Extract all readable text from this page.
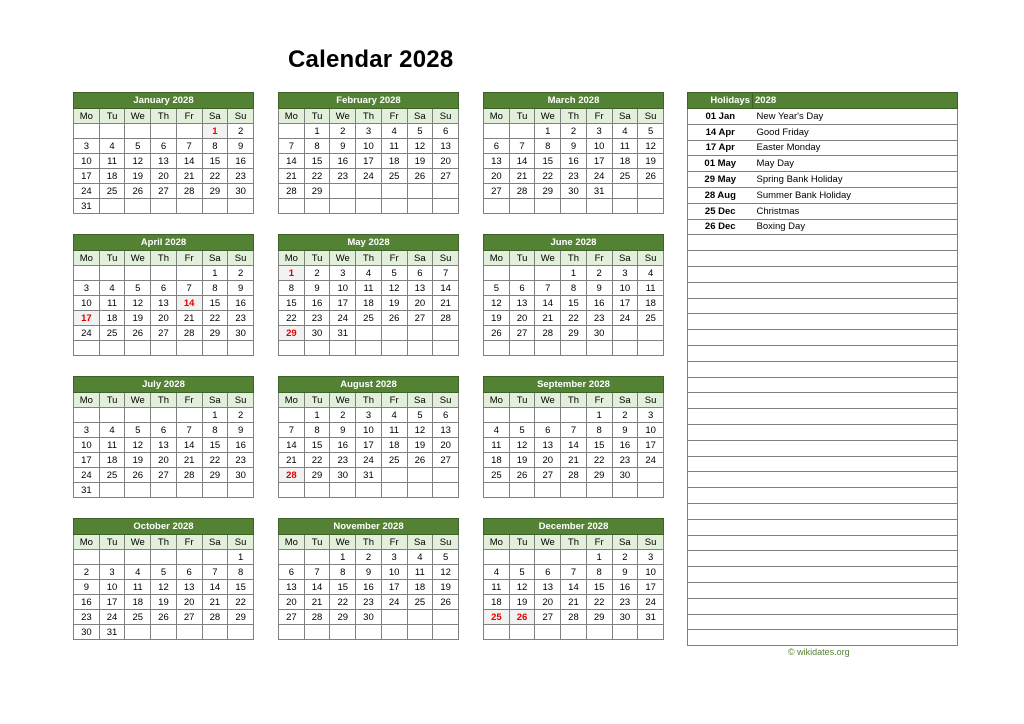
Calendar 2028
January 2028						
Mo	Tu	We	Th	Fr	Sa	Su
					1	2
3	4	5	6	7	8	9
10	11	12	13	14	15	16
17	18	19	20	21	22	23
24	25	26	27	28	29	30
31						
February 2028						
Mo	Tu	We	Th	Fr	Sa	Su
	1	2	3	4	5	6
7	8	9	10	11	12	13
14	15	16	17	18	19	20
21	22	23	24	25	26	27
28	29					

March 2028						
Mo	Tu	We	Th	Fr	Sa	Su
		1	2	3	4	5
6	7	8	9	10	11	12
13	14	15	16	17	18	19
20	21	22	23	24	25	26
27	28	29	30	31		

April 2028						
Mo	Tu	We	Th	Fr	Sa	Su
					1	2
3	4	5	6	7	8	9
10	11	12	13	14	15	16
17	18	19	20	21	22	23
24	25	26	27	28	29	30

May 2028						
Mo	Tu	We	Th	Fr	Sa	Su
1	2	3	4	5	6	7
8	9	10	11	12	13	14
15	16	17	18	19	20	21
22	23	24	25	26	27	28
29	30	31				

June 2028						
Mo	Tu	We	Th	Fr	Sa	Su
			1	2	3	4
5	6	7	8	9	10	11
12	13	14	15	16	17	18
19	20	21	22	23	24	25
26	27	28	29	30		

July 2028						
Mo	Tu	We	Th	Fr	Sa	Su
					1	2
3	4	5	6	7	8	9
10	11	12	13	14	15	16
17	18	19	20	21	22	23
24	25	26	27	28	29	30
31						
August 2028						
Mo	Tu	We	Th	Fr	Sa	Su
	1	2	3	4	5	6
7	8	9	10	11	12	13
14	15	16	17	18	19	20
21	22	23	24	25	26	27
28	29	30	31			

September 2028						
Mo	Tu	We	Th	Fr	Sa	Su
				1	2	3
4	5	6	7	8	9	10
11	12	13	14	15	16	17
18	19	20	21	22	23	24
25	26	27	28	29	30	

October 2028						
Mo	Tu	We	Th	Fr	Sa	Su
						1
2	3	4	5	6	7	8
9	10	11	12	13	14	15
16	17	18	19	20	21	22
23	24	25	26	27	28	29
30	31					
November 2028						
Mo	Tu	We	Th	Fr	Sa	Su
		1	2	3	4	5
6	7	8	9	10	11	12
13	14	15	16	17	18	19
20	21	22	23	24	25	26
27	28	29	30			

December 2028						
Mo	Tu	We	Th	Fr	Sa	Su
				1	2	3
4	5	6	7	8	9	10
11	12	13	14	15	16	17
18	19	20	21	22	23	24
25	26	27	28	29	30	31

Holidays	2028
01 Jan	New Year's Day
14 Apr	Good Friday
17 Apr	Easter Monday
01 May	May Day
29 May	Spring Bank Holiday
28 Aug	Summer Bank Holiday
25 Dec	Christmas
26 Dec	Boxing Day

© wikidates.org
